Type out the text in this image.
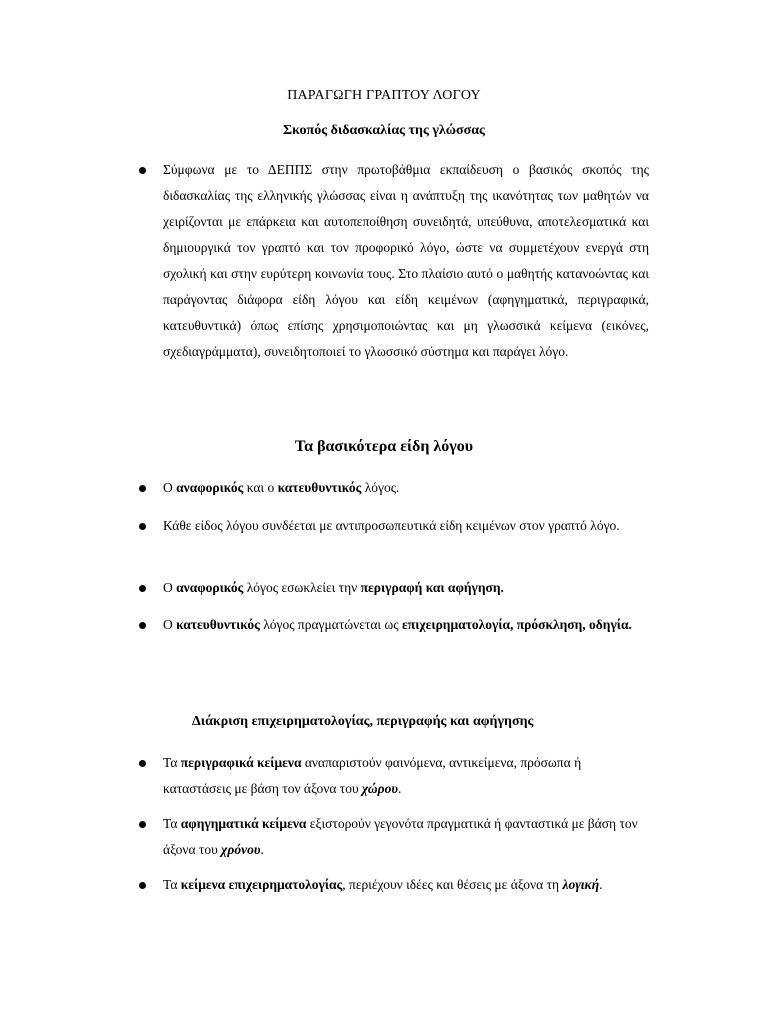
ΠΑΡΑΓΩΓΗ ΓΡΑΠΤΟΥ ΛΟΓΟΥ
Σκοπός διδασκαλίας της γλώσσας
Σύμφωνα με το ΔΕΠΠΣ στην πρωτοβάθμια εκπαίδευση ο βασικός σκοπός της διδασκαλίας της ελληνικής γλώσσας είναι η ανάπτυξη της ικανότητας των μαθητών να χειρίζονται με επάρκεια και αυτοπεποίθηση συνειδητά, υπεύθυνα, αποτελεσματικά και δημιουργικά τον γραπτό και τον προφορικό λόγο, ώστε να συμμετέχουν ενεργά στη σχολική και στην ευρύτερη κοινωνία τους. Στο πλαίσιο αυτό ο μαθητής κατανοώντας και παράγοντας διάφορα είδη λόγου και είδη κειμένων (αφηγηματικά, περιγραφικά, κατευθυντικά) όπως επίσης χρησιμοποιώντας και μη γλωσσικά κείμενα (εικόνες, σχεδιαγράμματα), συνειδητοποιεί το γλωσσικό σύστημα και παράγει λόγο.
Τα βασικότερα είδη λόγου
Ο αναφορικός και ο κατευθυντικός λόγος.
Κάθε είδος λόγου συνδέεται με αντιπροσωπευτικά είδη κειμένων στον γραπτό λόγο.
Ο αναφορικός λόγος εσωκλείει την περιγραφή και αφήγηση.
Ο κατευθυντικός λόγος πραγματώνεται ως επιχειρηματολογία, πρόσκληση, οδηγία.
Διάκριση επιχειρηματολογίας, περιγραφής και αφήγησης
Τα περιγραφικά κείμενα αναπαριστούν φαινόμενα, αντικείμενα, πρόσωπα ή καταστάσεις με βάση τον άξονα του χώρου.
Τα αφηγηματικά κείμενα εξιστορούν γεγονότα πραγματικά ή φανταστικά με βάση τον άξονα του χρόνου.
Τα κείμενα επιχειρηματολογίας, περιέχουν ιδέες και θέσεις με άξονα τη λογική.
